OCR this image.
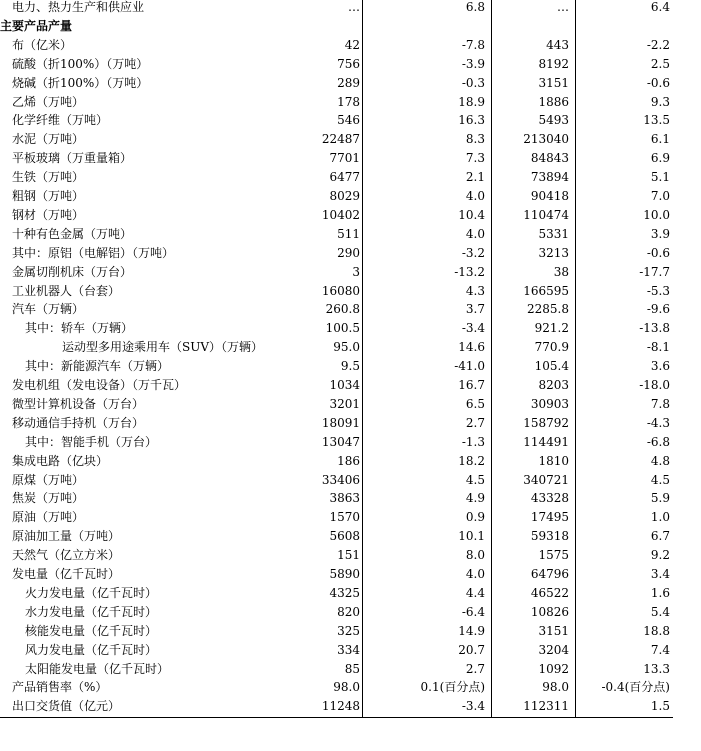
电力、热力生产和供应业	…	6.8	…	6.4
主要产品产量
布（亿米）	42	-7.8	443	-2.2
硫酸（折100%）（万吨）	756	-3.9	8192	2.5
烧碱（折100%）（万吨）	289	-0.3	3151	-0.6
乙烯（万吨）	178	18.9	1886	9.3
化学纤维（万吨）	546	16.3	5493	13.5
水泥（万吨）	22487	8.3	213040	6.1
平板玻璃（万重量箱）	7701	7.3	84843	6.9
生铁（万吨）	6477	2.1	73894	5.1
粗钢（万吨）	8029	4.0	90418	7.0
钢材（万吨）	10402	10.4	110474	10.0
十种有色金属（万吨）	511	4.0	5331	3.9
其中：原铝（电解铝）（万吨）	290	-3.2	3213	-0.6
金属切削机床（万台）	3	-13.2	38	-17.7
工业机器人（台套）	16080	4.3	166595	-5.3
汽车（万辆）	260.8	3.7	2285.8	-9.6
其中：轿车（万辆）	100.5	-3.4	921.2	-13.8
运动型多用途乘用车（SUV）（万辆）	95.0	14.6	770.9	-8.1
其中：新能源汽车（万辆）	9.5	-41.0	105.4	3.6
发电机组（发电设备）（万千瓦）	1034	16.7	8203	-18.0
微型计算机设备（万台）	3201	6.5	30903	7.8
移动通信手持机（万台）	18091	2.7	158792	-4.3
其中：智能手机（万台）	13047	-1.3	114491	-6.8
集成电路（亿块）	186	18.2	1810	4.8
原煤（万吨）	33406	4.5	340721	4.5
焦炭（万吨）	3863	4.9	43328	5.9
原油（万吨）	1570	0.9	17495	1.0
原油加工量（万吨）	5608	10.1	59318	6.7
天然气（亿立方米）	151	8.0	1575	9.2
发电量（亿千瓦时）	5890	4.0	64796	3.4
火力发电量（亿千瓦时）	4325	4.4	46522	1.6
水力发电量（亿千瓦时）	820	-6.4	10826	5.4
核能发电量（亿千瓦时）	325	14.9	3151	18.8
风力发电量（亿千瓦时）	334	20.7	3204	7.4
太阳能发电量（亿千瓦时）	85	2.7	1092	13.3
产品销售率（%）	98.0	0.1(百分点)	98.0	-0.4(百分点)
出口交货值（亿元）	11248	-3.4	112311	1.5
